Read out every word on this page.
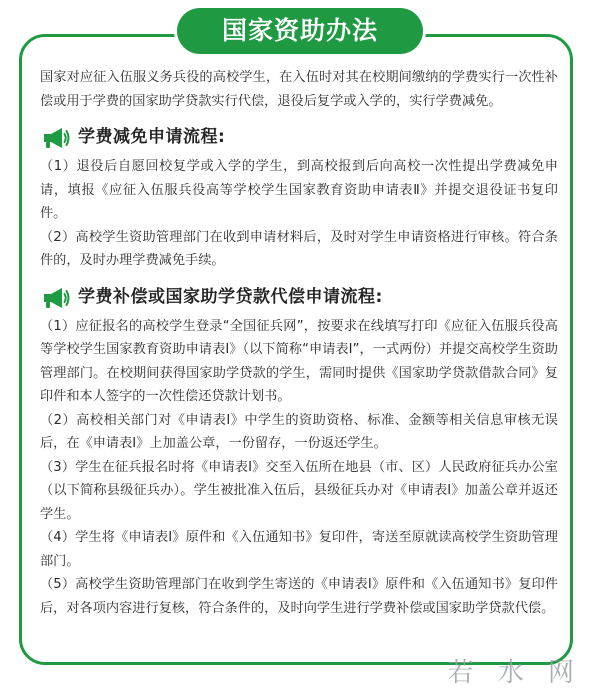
国家资助办法

国家对应征入伍服义务兵役的高校学生，在入伍时对其在校期间缴纳的学费实行一次性补偿或用于学费的国家助学贷款实行代偿，退役后复学或入学的，实行学费减免。

学费减免申请流程:

（1）退役后自愿回校复学或入学的学生，到高校报到后向高校一次性提出学费减免申请，填报《应征入伍服兵役高等学校学生国家教育资助申请表Ⅱ》并提交退役证书复印件。

（2）高校学生资助管理部门在收到申请材料后，及时对学生申请资格进行审核。符合条件的，及时办理学费减免手续。

学费补偿或国家助学贷款代偿申请流程:

（1）应征报名的高校学生登录“全国征兵网”，按要求在线填写打印《应征入伍服兵役高等学校学生国家教育资助申请表Ⅰ》（以下简称“申请表Ⅰ”，一式两份）并提交高校学生资助管理部门。在校期间获得国家助学贷款的学生，需同时提供《国家助学贷款借款合同》复印件和本人签字的一次性偿还贷款计划书。

（2）高校相关部门对《申请表Ⅰ》中学生的资助资格、标准、金额等相关信息审核无误后，在《申请表Ⅰ》上加盖公章，一份留存，一份返还学生。

（3）学生在征兵报名时将《申请表Ⅰ》交至入伍所在地县（市、区）人民政府征兵办公室（以下简称县级征兵办）。学生被批准入伍后，县级征兵办对《申请表Ⅰ》加盖公章并返还学生。

（4）学生将《申请表Ⅰ》原件和《入伍通知书》复印件，寄送至原就读高校学生资助管理部门。

（5）高校学生资助管理部门在收到学生寄送的《申请表Ⅰ》原件和《入伍通知书》复印件后，对各项内容进行复核，符合条件的，及时向学生进行学费补偿或国家助学贷款代偿。

若 水 网
